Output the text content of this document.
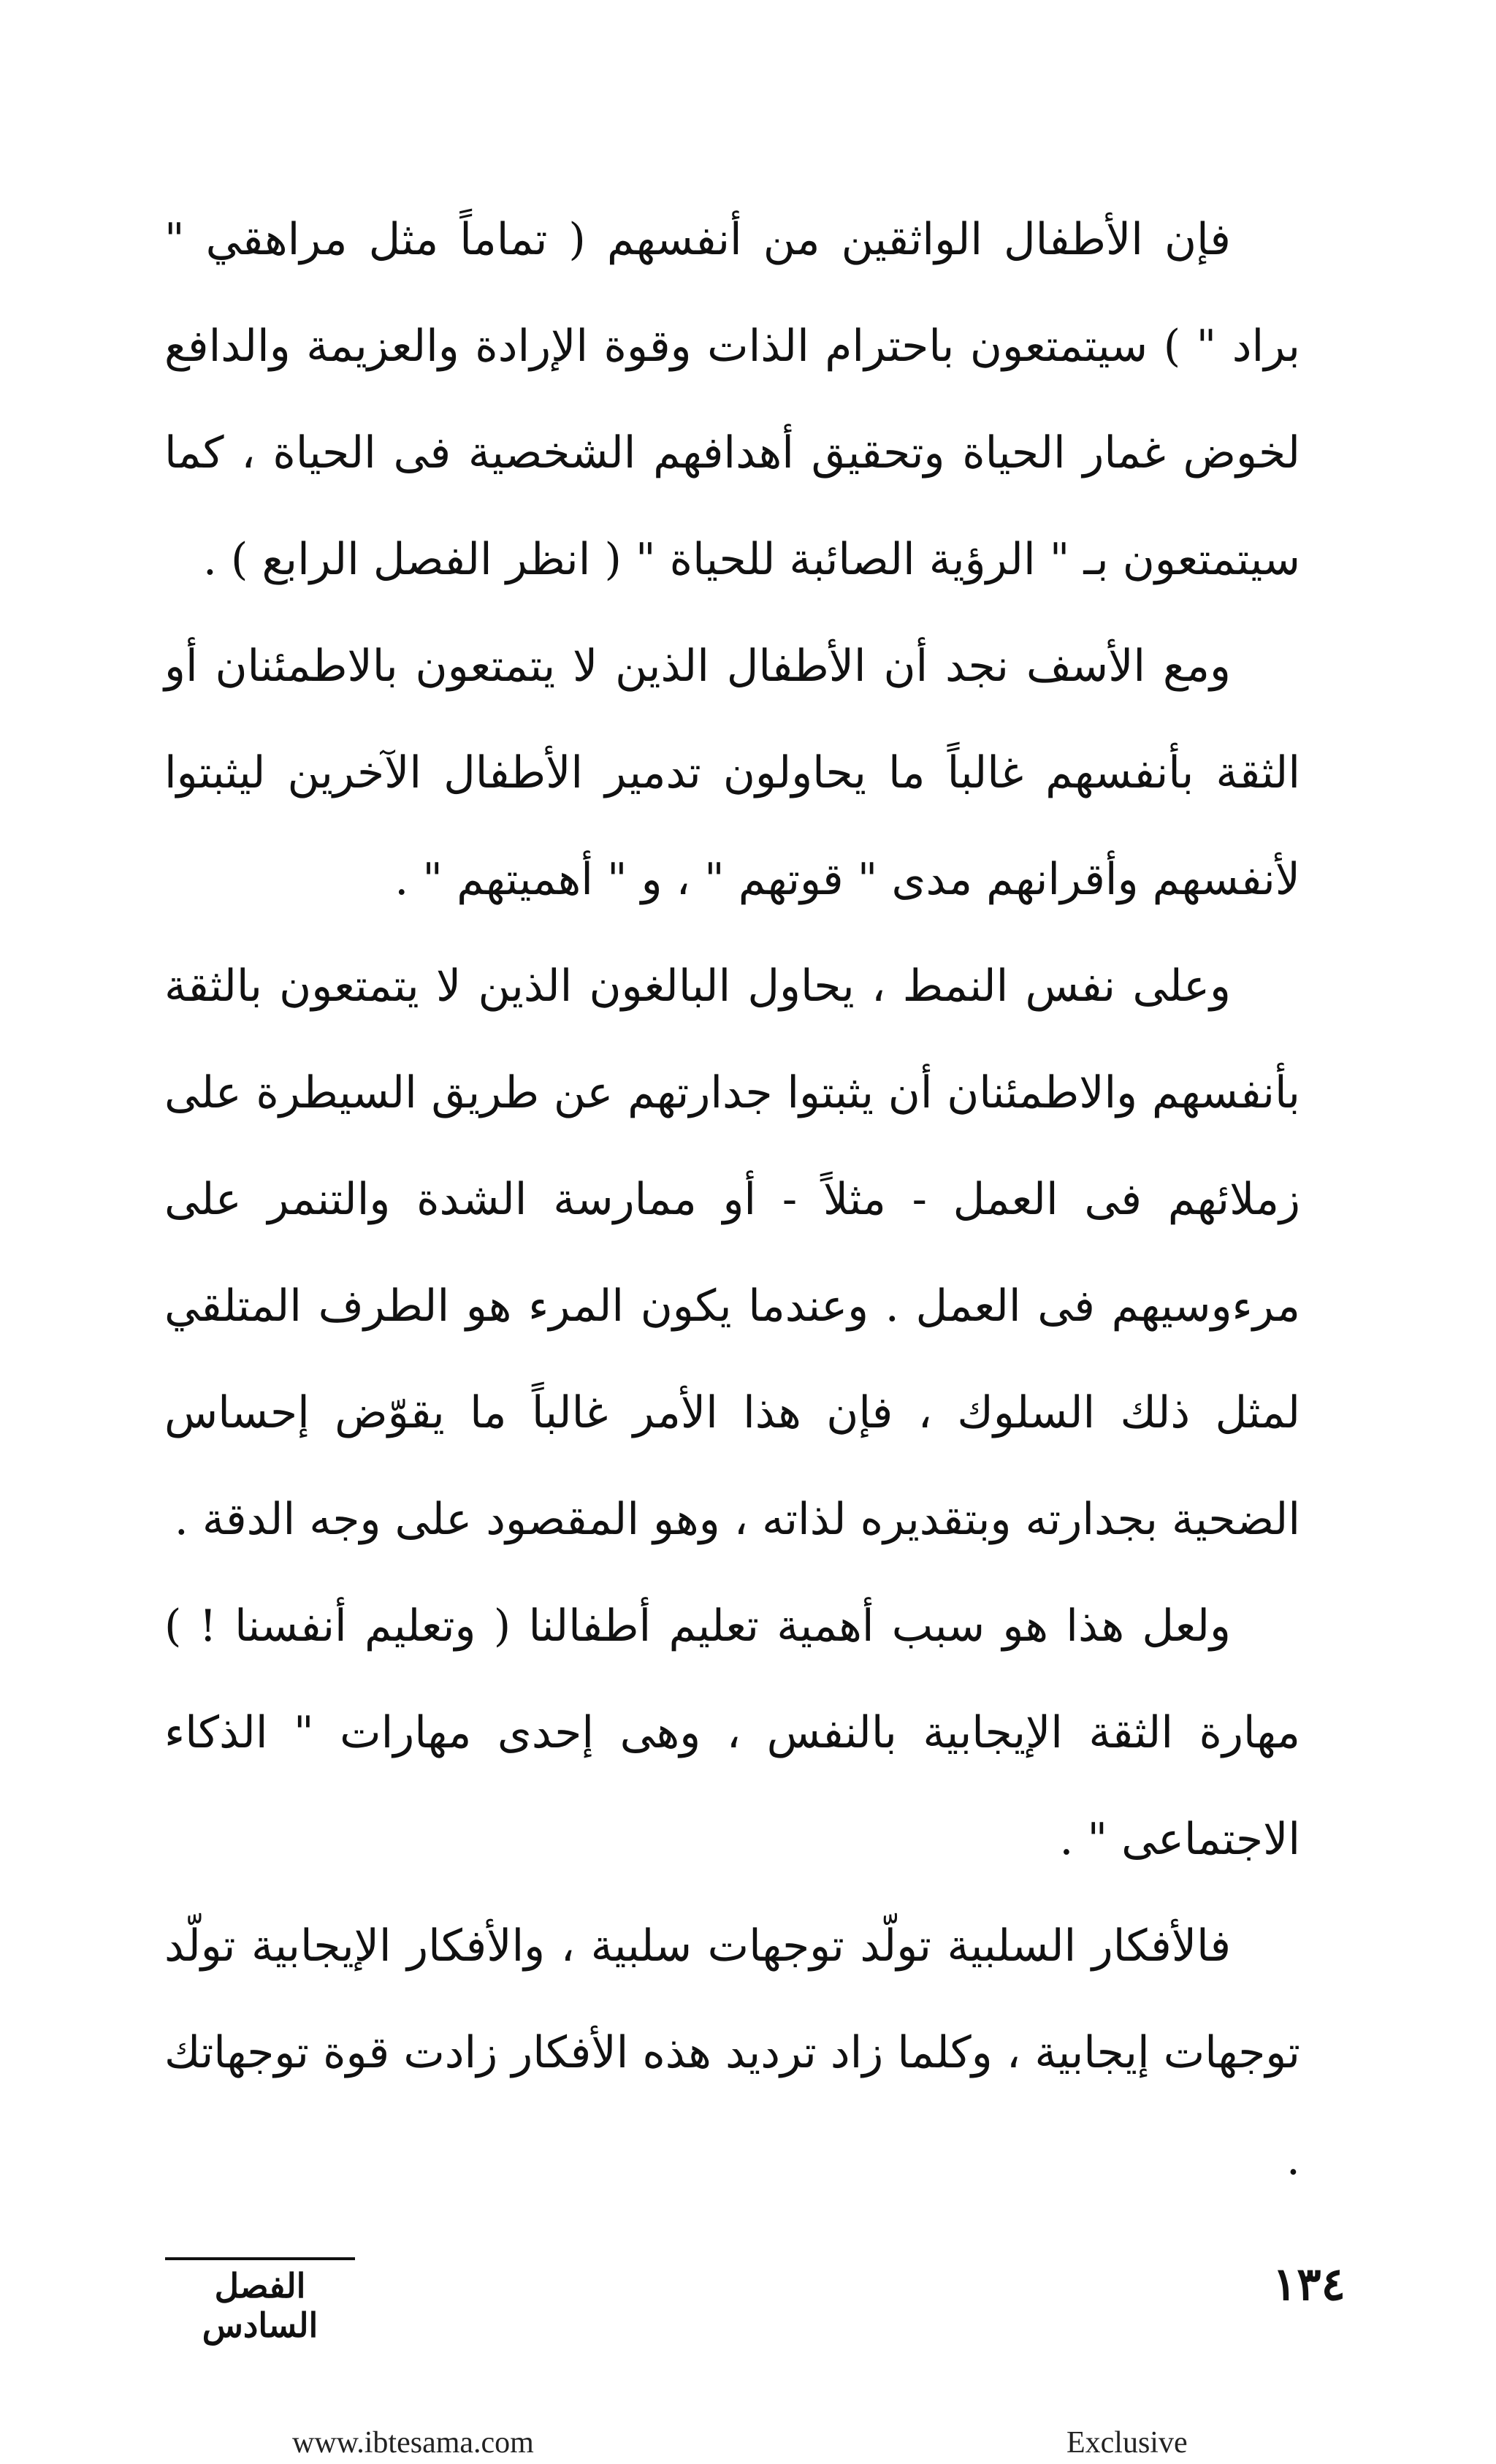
فإن الأطفال الواثقين من أنفسهم ( تماماً مثل مراهقي " براد " ) سيتمتعون باحترام الذات وقوة الإرادة والعزيمة والدافع لخوض غمار الحياة وتحقيق أهدافهم الشخصية فى الحياة ، كما سيتمتعون بـ " الرؤية الصائبة للحياة " ( انظر الفصل الرابع ) .

ومع الأسف نجد أن الأطفال الذين لا يتمتعون بالاطمئنان أو الثقة بأنفسهم غالباً ما يحاولون تدمير الأطفال الآخرين ليثبتوا لأنفسهم وأقرانهم مدى " قوتهم " ، و " أهميتهم " .

وعلى نفس النمط ، يحاول البالغون الذين لا يتمتعون بالثقة بأنفسهم والاطمئنان أن يثبتوا جدارتهم عن طريق السيطرة على زملائهم فى العمل - مثلاً - أو ممارسة الشدة والتنمر على مرءوسيهم فى العمل . وعندما يكون المرء هو الطرف المتلقي لمثل ذلك السلوك ، فإن هذا الأمر غالباً ما يقوّض إحساس الضحية بجدارته وبتقديره لذاته ، وهو المقصود على وجه الدقة .

ولعل هذا هو سبب أهمية تعليم أطفالنا ( وتعليم أنفسنا ! ) مهارة الثقة الإيجابية بالنفس ، وهى إحدى مهارات " الذكاء الاجتماعى " .

فالأفكار السلبية تولّد توجهات سلبية ، والأفكار الإيجابية تولّد توجهات إيجابية ، وكلما زاد ترديد هذه الأفكار زادت قوة توجهاتك .

الفصل السادس
١٣٤
www.ibtesama.com	Exclusive
